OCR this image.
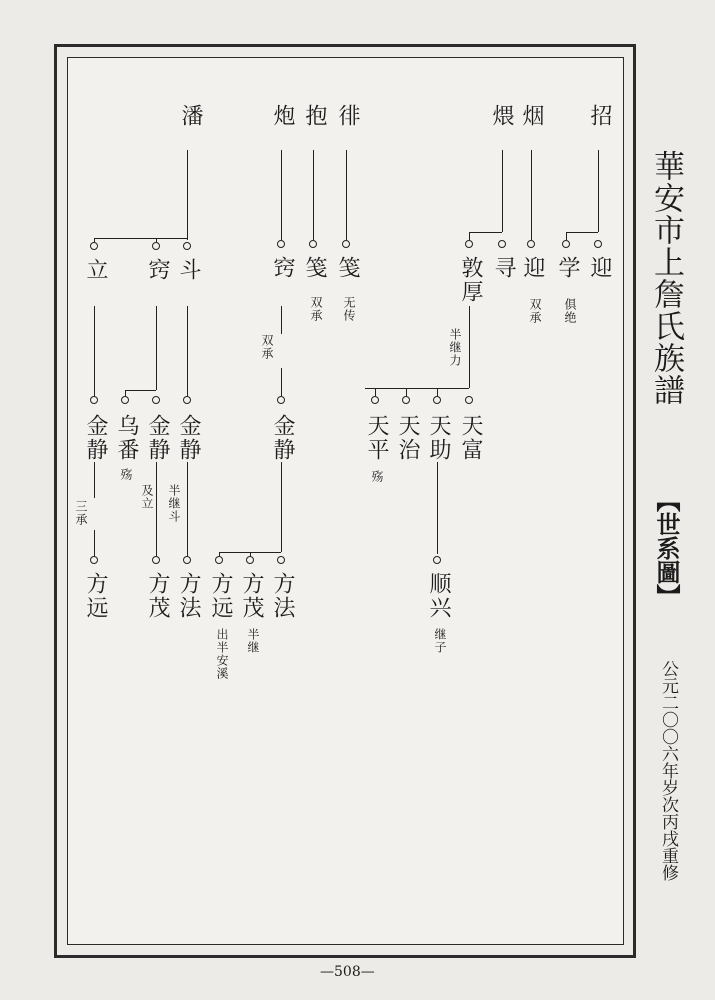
華安市上詹氏族譜
【世系圖】
公元二〇〇六年岁次丙戌重修
—508—
招
烟
煨
徘
抱
炮
潘
迎
学
迎
寻
敦厚
笺
笺
窍
斗
窍
立
俱绝
双承
半继力
无传
双承
双承
天富
天助
天治
天平
金静
金静
金静
乌番
金静
殇
殇
半继斗
及立
三承
顺兴
方法
方茂
方远
方法
方茂
方远
继子
半继
出半安溪
